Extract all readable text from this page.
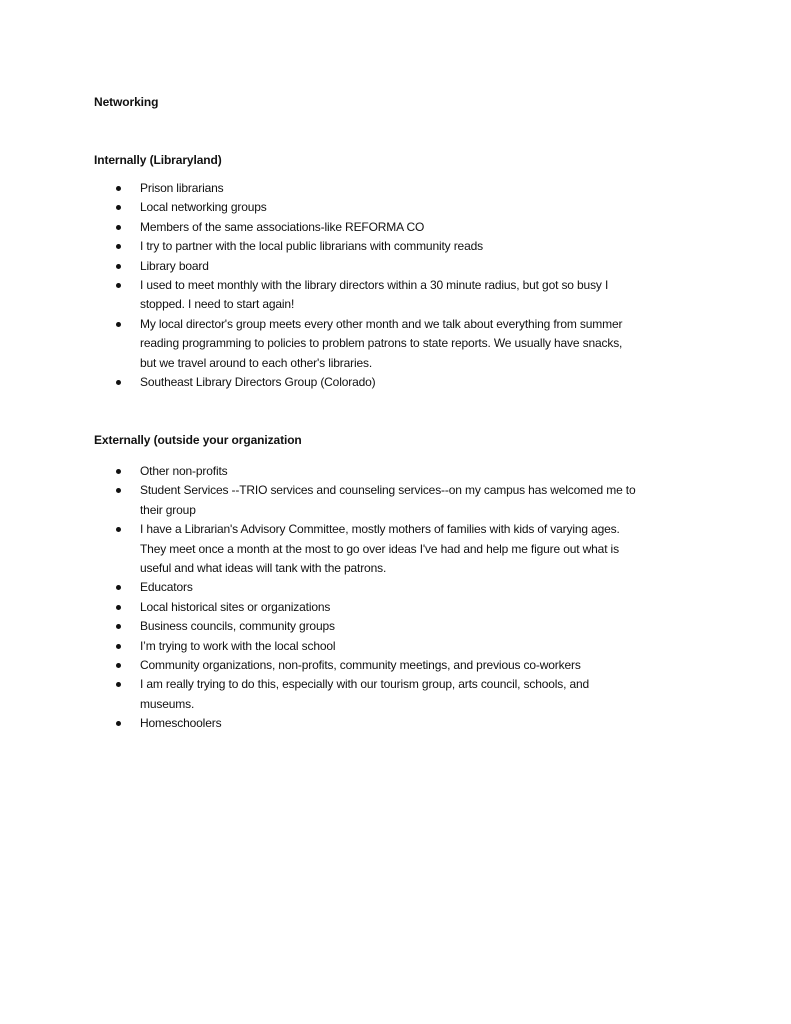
Networking
Internally (Libraryland)
Prison librarians
Local networking groups
Members of the same associations-like REFORMA CO
I try to partner with the local public librarians with community reads
Library board
I used to meet monthly with the library directors within a 30 minute radius, but got so busy I
stopped. I need to start again!
My local director's group meets every other month and we talk about everything from summer
reading programming to policies to problem patrons to state reports. We usually have snacks,
but we travel around to each other's libraries.
Southeast Library Directors Group (Colorado)
Externally (outside your organization
Other non-profits
Student Services --TRIO services and counseling services--on my campus has welcomed me to
their group
I have a Librarian's Advisory Committee, mostly mothers of families with kids of varying ages.
They meet once a month at the most to go over ideas I've had and help me figure out what is
useful and what ideas will tank with the patrons.
Educators
Local historical sites or organizations
Business councils, community groups
I’m trying to work with the local school
Community organizations, non-profits, community meetings, and previous co-workers
I am really trying to do this, especially with our tourism group, arts council, schools, and
museums.
Homeschoolers
